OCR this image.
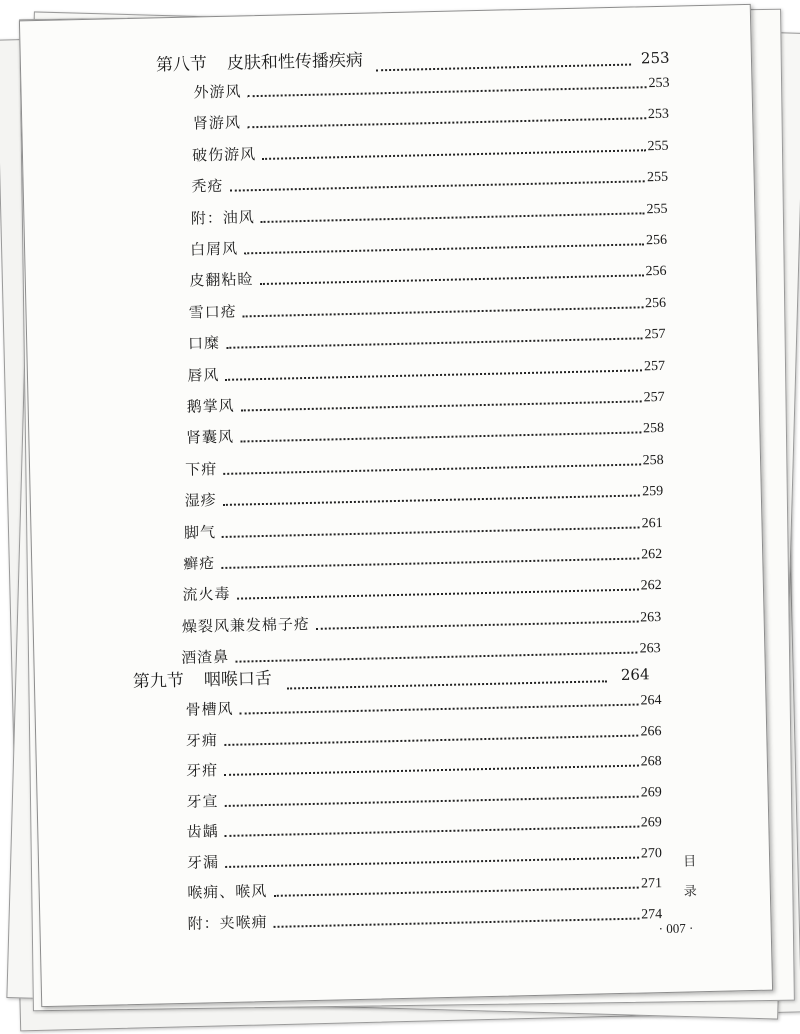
第八节 皮肤和性传播疾病	253
外游风	253
肾游风	253
破伤游风	255
秃疮	255
附：油风	255
白屑风	256
皮翻粘睑	256
雪口疮	256
口糜	257
唇风	257
鹅掌风	257
肾囊风	258
下疳	258
湿疹	259
脚气	261
癣疮	262
流火毒	262
燥裂风兼发棉子疮	263
酒渣鼻	263
第九节 咽喉口舌	264
骨槽风	264
牙痈	266
牙疳	268
牙宣	269
齿龋	269
牙漏	270
喉痈、喉风	271
附：夹喉痈	274
目
录
· 007 ·
